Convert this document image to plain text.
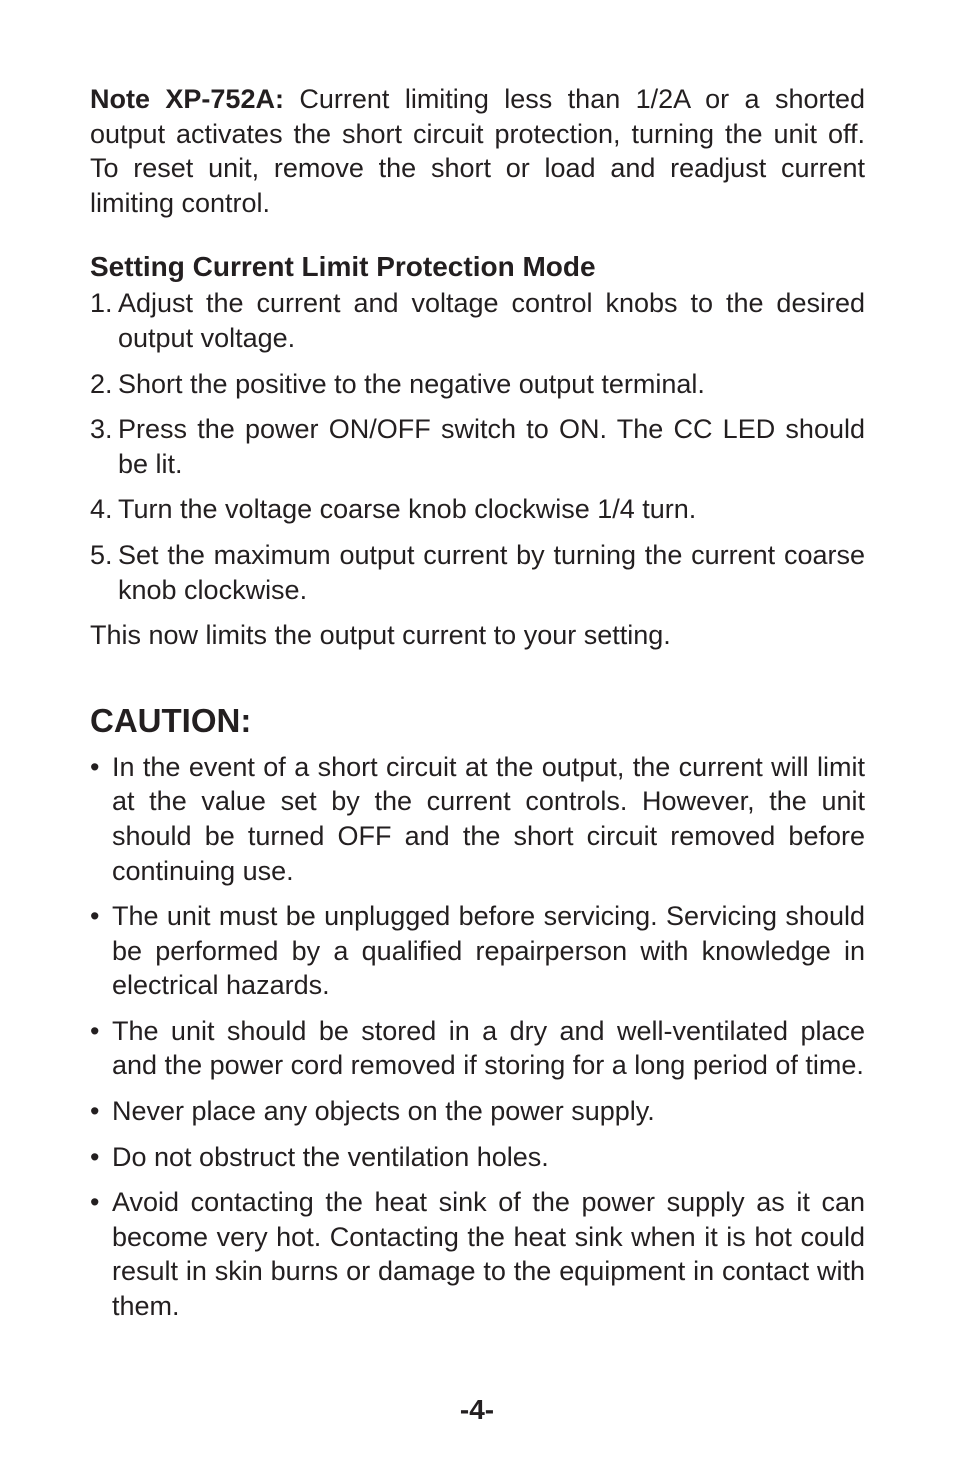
Note XP-752A: Current limiting less than 1/2A or a shorted output activates the short circuit protection, turning the unit off. To reset unit, remove the short or load and readjust current limiting control.

Setting Current Limit Protection Mode
1. Adjust the current and voltage control knobs to the desired output voltage.
2. Short the positive to the negative output terminal.
3. Press the power ON/OFF switch to ON. The CC LED should be lit.
4. Turn the voltage coarse knob clockwise 1/4 turn.
5. Set the maximum output current by turning the current coarse knob clockwise.

This now limits the output current to your setting.

CAUTION:
• In the event of a short circuit at the output, the current will limit at the value set by the current controls. However, the unit should be turned OFF and the short circuit removed before continuing use.
• The unit must be unplugged before servicing. Servicing should be performed by a qualified repairperson with knowledge in electrical hazards.
• The unit should be stored in a dry and well-ventilated place and the power cord removed if storing for a long period of time.
• Never place any objects on the power supply.
• Do not obstruct the ventilation holes.
• Avoid contacting the heat sink of the power supply as it can become very hot. Contacting the heat sink when it is hot could result in skin burns or damage to the equipment in contact with them.
-4-
